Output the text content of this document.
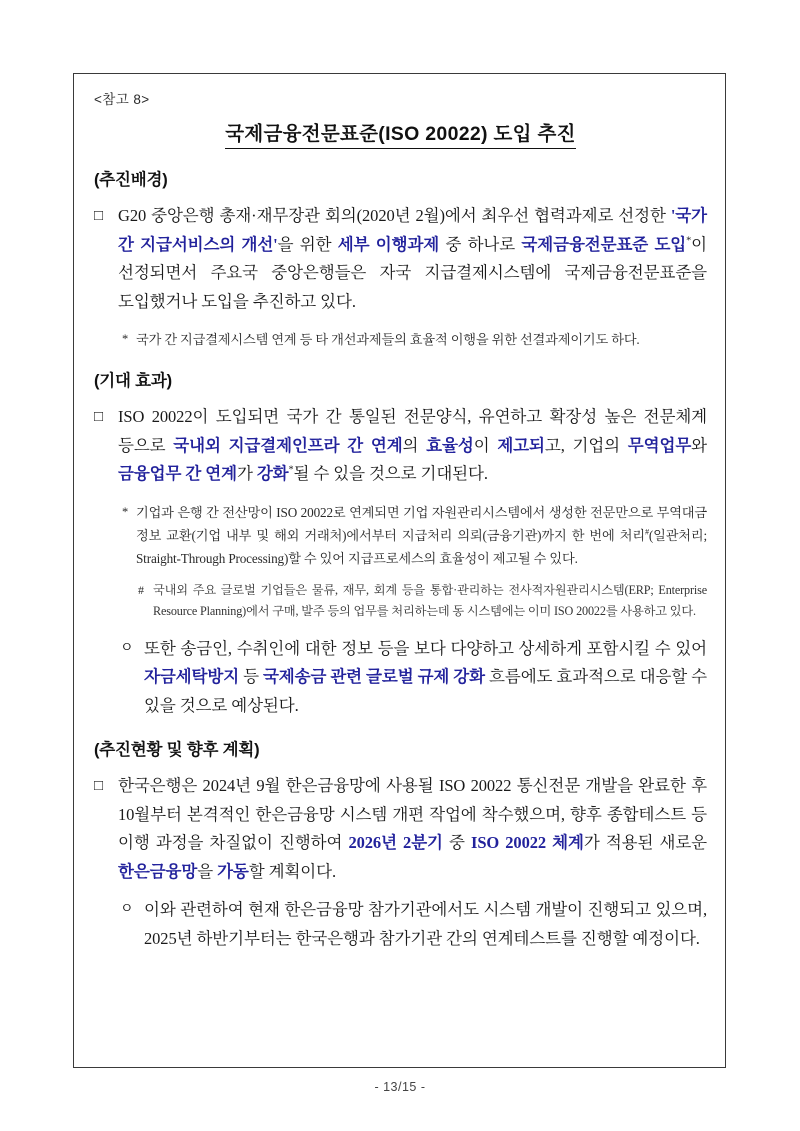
<참고 8>
국제금융전문표준(ISO 20022) 도입 추진
(추진배경)
□ G20 중앙은행 총재·재무장관 회의(2020년 2월)에서 최우선 협력과제로 선정한 '국가 간 지급서비스의 개선'을 위한 세부 이행과제 중 하나로 국제금융전문표준 도입*이 선정되면서 주요국 중앙은행들은 자국 지급결제시스템에 국제금융전문표준을 도입했거나 도입을 추진하고 있다.
* 국가 간 지급결제시스템 연계 등 타 개선과제들의 효율적 이행을 위한 선결과제이기도 하다.
(기대 효과)
□ ISO 20022이 도입되면 국가 간 통일된 전문양식, 유연하고 확장성 높은 전문체계 등으로 국내외 지급결제인프라 간 연계의 효율성이 제고되고, 기업의 무역업무와 금융업무 간 연계가 강화*될 수 있을 것으로 기대된다.
* 기업과 은행 간 전산망이 ISO 20022로 연계되면 기업 자원관리시스템에서 생성한 전문만으로 무역대금 정보 교환(기업 내부 및 해외 거래처)에서부터 지급처리 의뢰(금융기관)까지 한 번에 처리#(일관처리; Straight-Through Processing)할 수 있어 지급프로세스의 효율성이 제고될 수 있다.
# 국내외 주요 글로벌 기업들은 물류, 재무, 회계 등을 통합·관리하는 전사적자원관리시스템(ERP; Enterprise Resource Planning)에서 구매, 발주 등의 업무를 처리하는데 동 시스템에는 이미 ISO 20022를 사용하고 있다.
ㅇ 또한 송금인, 수취인에 대한 정보 등을 보다 다양하고 상세하게 포함시킬 수 있어 자금세탁방지 등 국제송금 관련 글로벌 규제 강화 흐름에도 효과적으로 대응할 수 있을 것으로 예상된다.
(추진현황 및 향후 계획)
□ 한국은행은 2024년 9월 한은금융망에 사용될 ISO 20022 통신전문 개발을 완료한 후 10월부터 본격적인 한은금융망 시스템 개편 작업에 착수했으며, 향후 종합테스트 등 이행 과정을 차질없이 진행하여 2026년 2분기 중 ISO 20022 체계가 적용된 새로운 한은금융망을 가동할 계획이다.
ㅇ 이와 관련하여 현재 한은금융망 참가기관에서도 시스템 개발이 진행되고 있으며, 2025년 하반기부터는 한국은행과 참가기관 간의 연계테스트를 진행할 예정이다.
- 13/15 -
